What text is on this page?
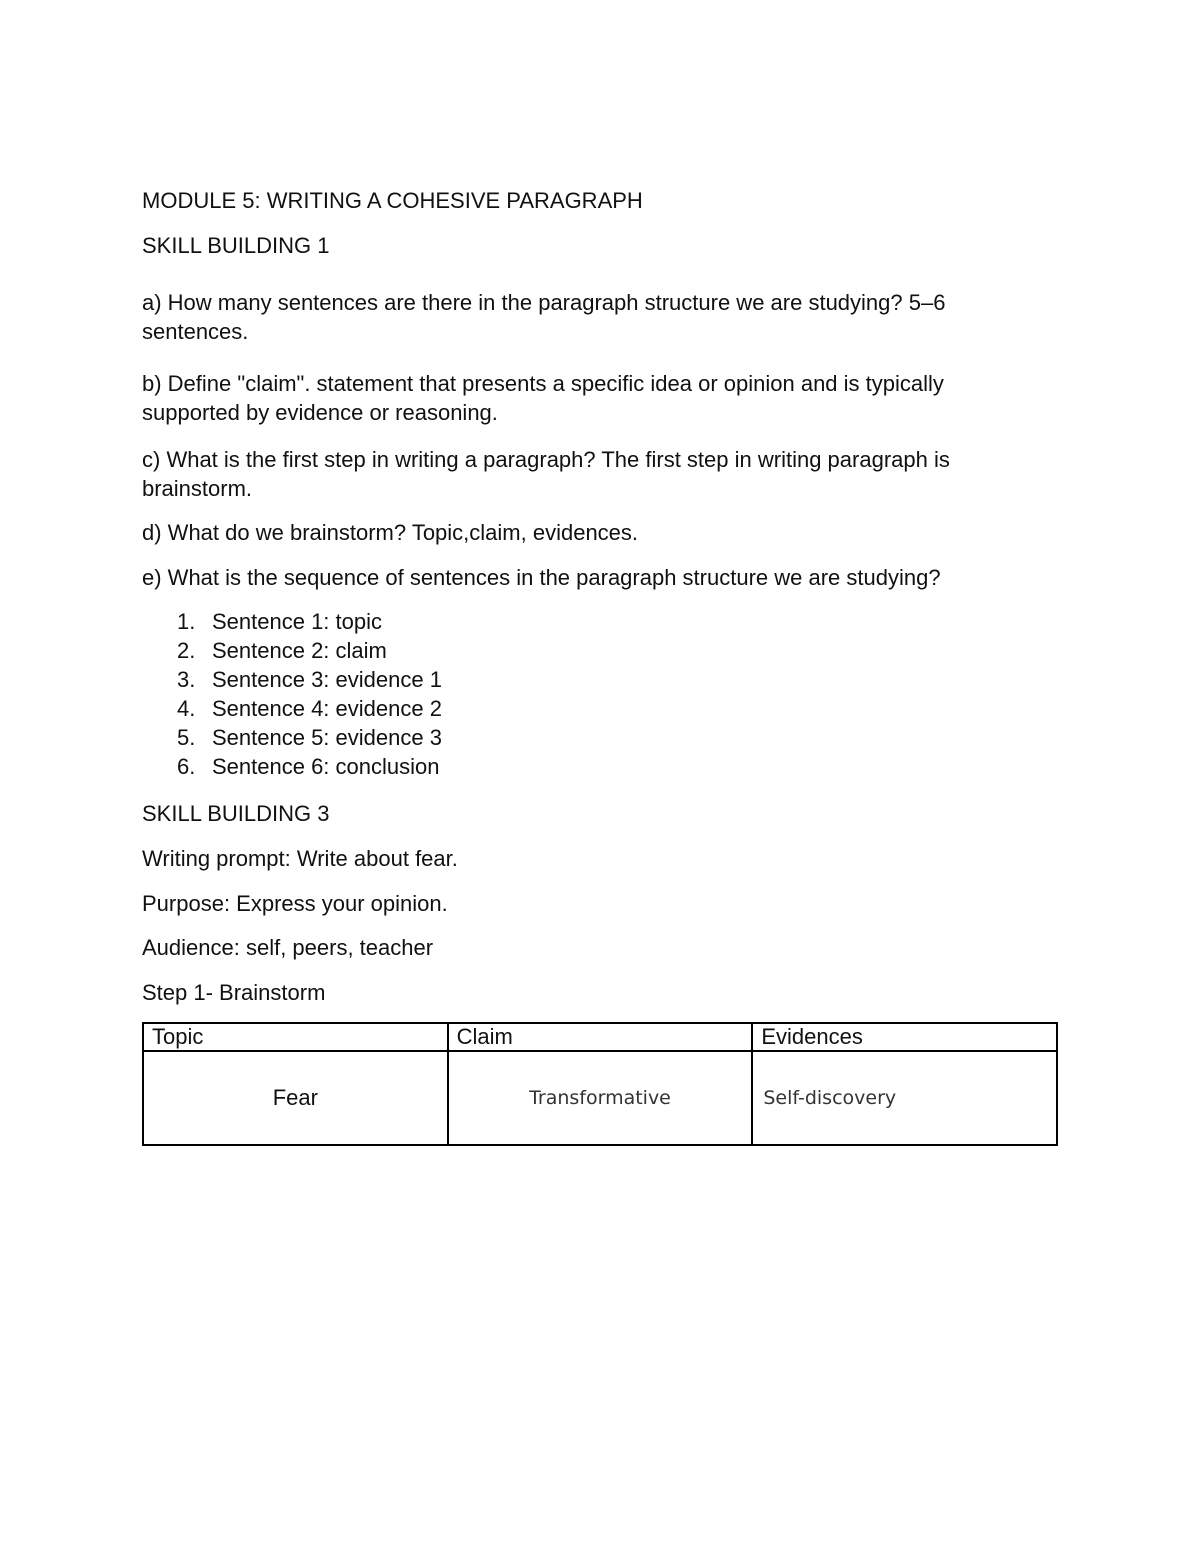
MODULE 5: WRITING A COHESIVE PARAGRAPH

SKILL BUILDING 1

a) How many sentences are there in the paragraph structure we are studying? 5–6 sentences.

b) Define "claim". statement that presents a specific idea or opinion and is typically supported by evidence or reasoning.

c) What is the first step in writing a paragraph? The first step in writing paragraph is brainstorm.

d) What do we brainstorm? Topic,claim, evidences.

e) What is the sequence of sentences in the paragraph structure we are studying?

1. Sentence 1: topic
2. Sentence 2: claim
3. Sentence 3: evidence 1
4. Sentence 4: evidence 2
5. Sentence 5: evidence 3
6. Sentence 6: conclusion

SKILL BUILDING 3

Writing prompt: Write about fear.

Purpose: Express your opinion.

Audience: self, peers, teacher

Step 1- Brainstorm

Topic	Claim	Evidences
Fear	Transformative	Self-discovery
